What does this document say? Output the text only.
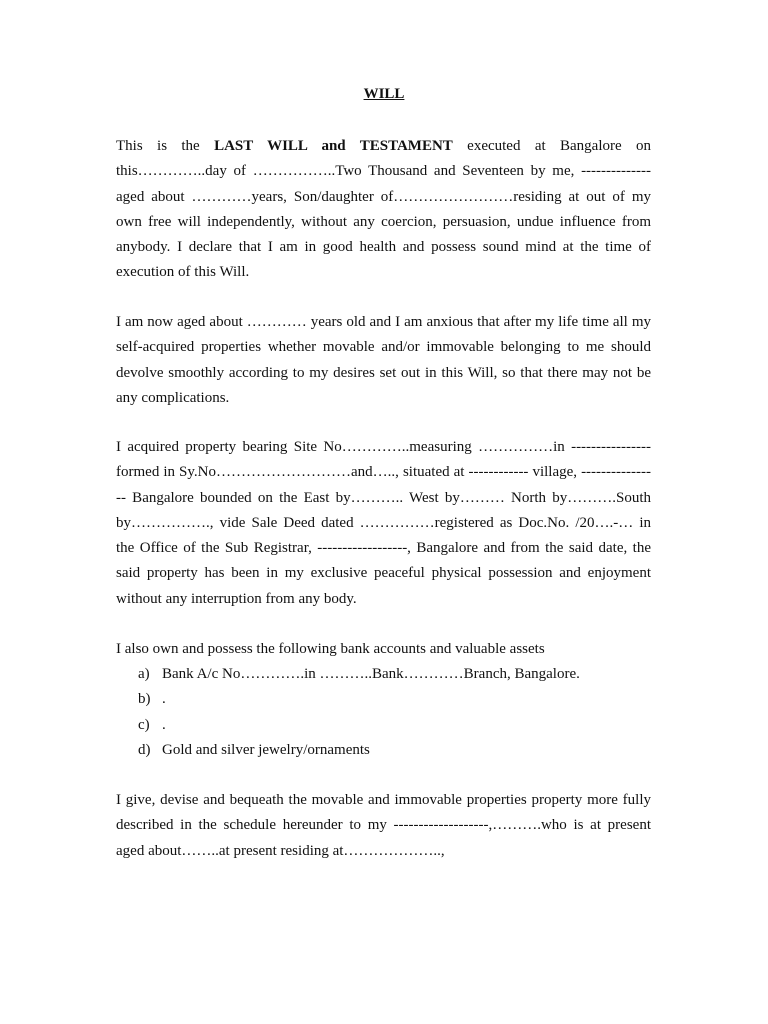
WILL

This is the LAST WILL and TESTAMENT executed at Bangalore on this…………..day of ……………..Two Thousand and Seventeen by me, -------------- aged about …………years, Son/daughter of……………………residing at out of my own free will independently, without any coercion, persuasion, undue influence from anybody. I declare that I am in good health and possess sound mind at the time of execution of this Will.

I am now aged about ………… years old and I am anxious that after my life time all my self-acquired properties whether movable and/or immovable belonging to me should devolve smoothly according to my desires set out in this Will, so that there may not be any complications.

I acquired property bearing Site No…………..measuring ……………in ---------------- formed in Sy.No………………………and….., situated at ------------ village, ---------------- Bangalore bounded on the East by……….. West by……… North by……….South by……………., vide Sale Deed dated ……………registered as Doc.No. /20….-… in the Office of the Sub Registrar, ------------------, Bangalore and from the said date, the said property has been in my exclusive peaceful physical possession and enjoyment without any interruption from any body.

I also own and possess the following bank accounts and valuable assets

a) Bank A/c No………….in ………..Bank…………Branch, Bangalore.
b) .
c) .
d) Gold and silver jewelry/ornaments

I give, devise and bequeath the movable and immovable properties property more fully described in the schedule hereunder to my -------------------,……….who is at present aged about……..at present residing at………………..,
